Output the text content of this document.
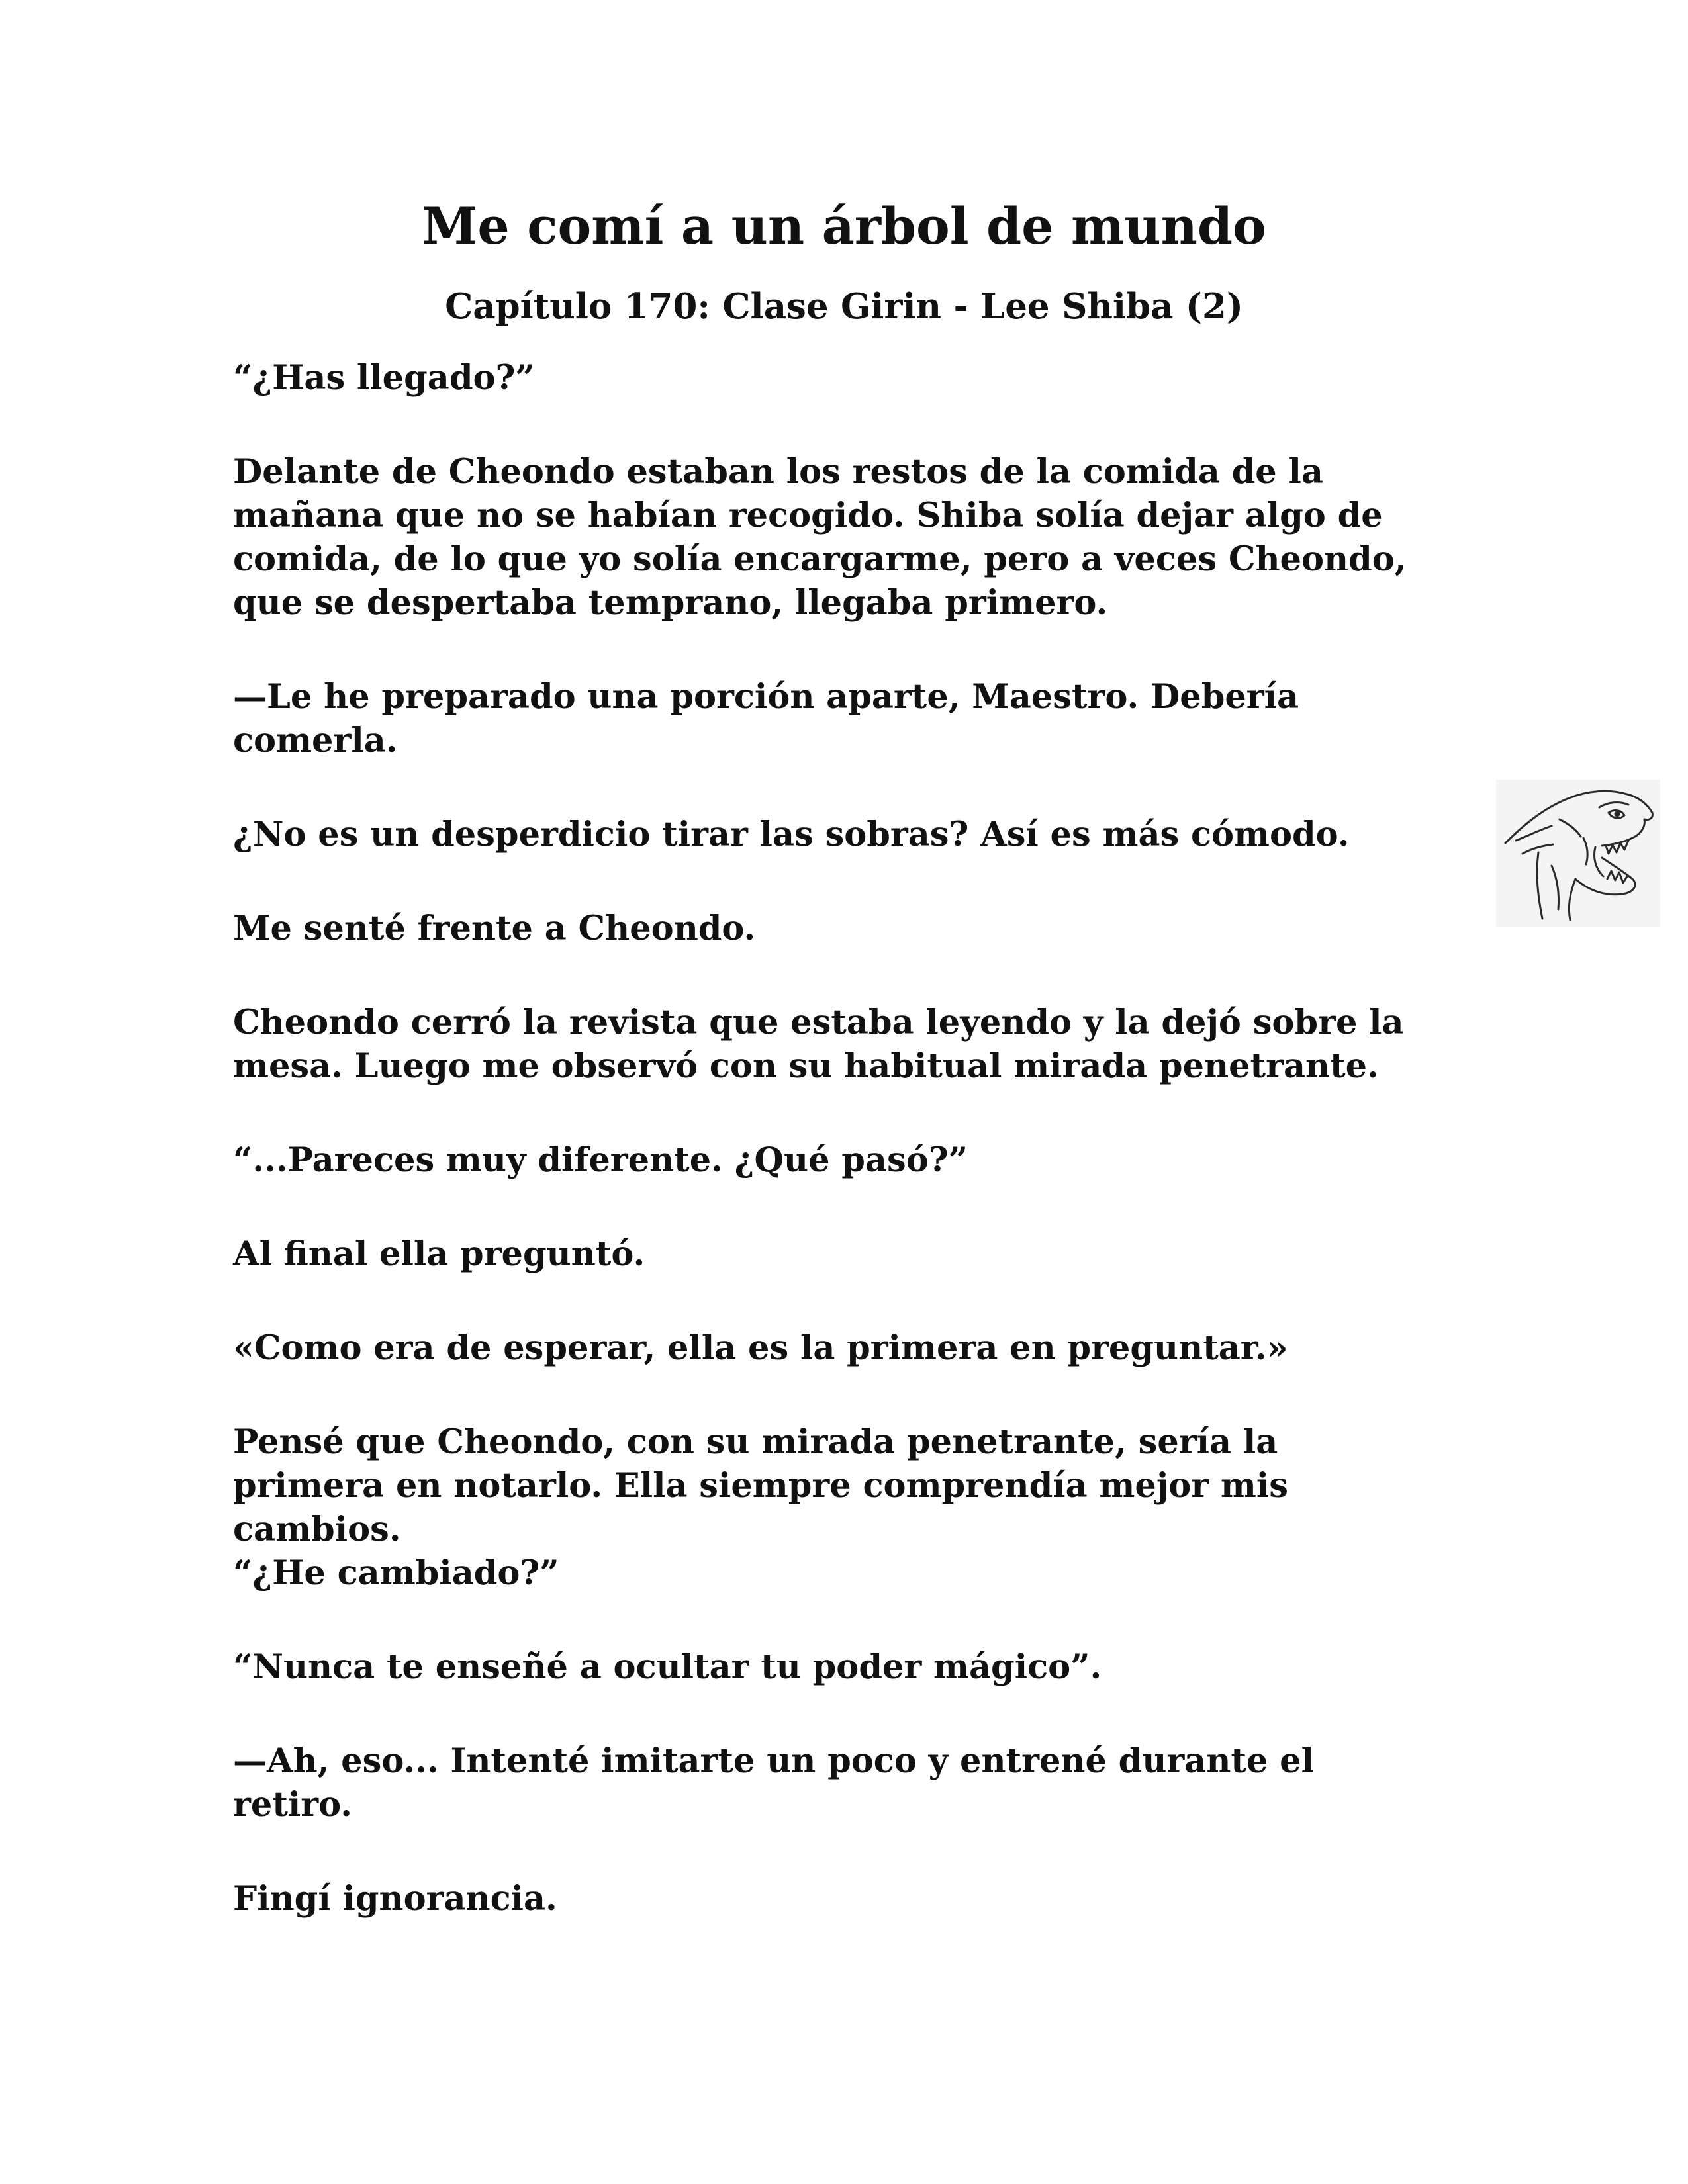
Me comí a un árbol de mundo
Capítulo 170: Clase Girin - Lee Shiba (2)

“¿Has llegado?”

Delante de Cheondo estaban los restos de la comida de la
mañana que no se habían recogido. Shiba solía dejar algo de
comida, de lo que yo solía encargarme, pero a veces Cheondo,
que se despertaba temprano, llegaba primero.

—Le he preparado una porción aparte, Maestro. Debería
comerla.

¿No es un desperdicio tirar las sobras? Así es más cómodo.

Me senté frente a Cheondo.

Cheondo cerró la revista que estaba leyendo y la dejó sobre la
mesa. Luego me observó con su habitual mirada penetrante.

“...Pareces muy diferente. ¿Qué pasó?”

Al final ella preguntó.

«Como era de esperar, ella es la primera en preguntar.»

Pensé que Cheondo, con su mirada penetrante, sería la
primera en notarlo. Ella siempre comprendía mejor mis
cambios.

“¿He cambiado?”

“Nunca te enseñé a ocultar tu poder mágico”.

—Ah, eso... Intenté imitarte un poco y entrené durante el
retiro.

Fingí ignorancia.
